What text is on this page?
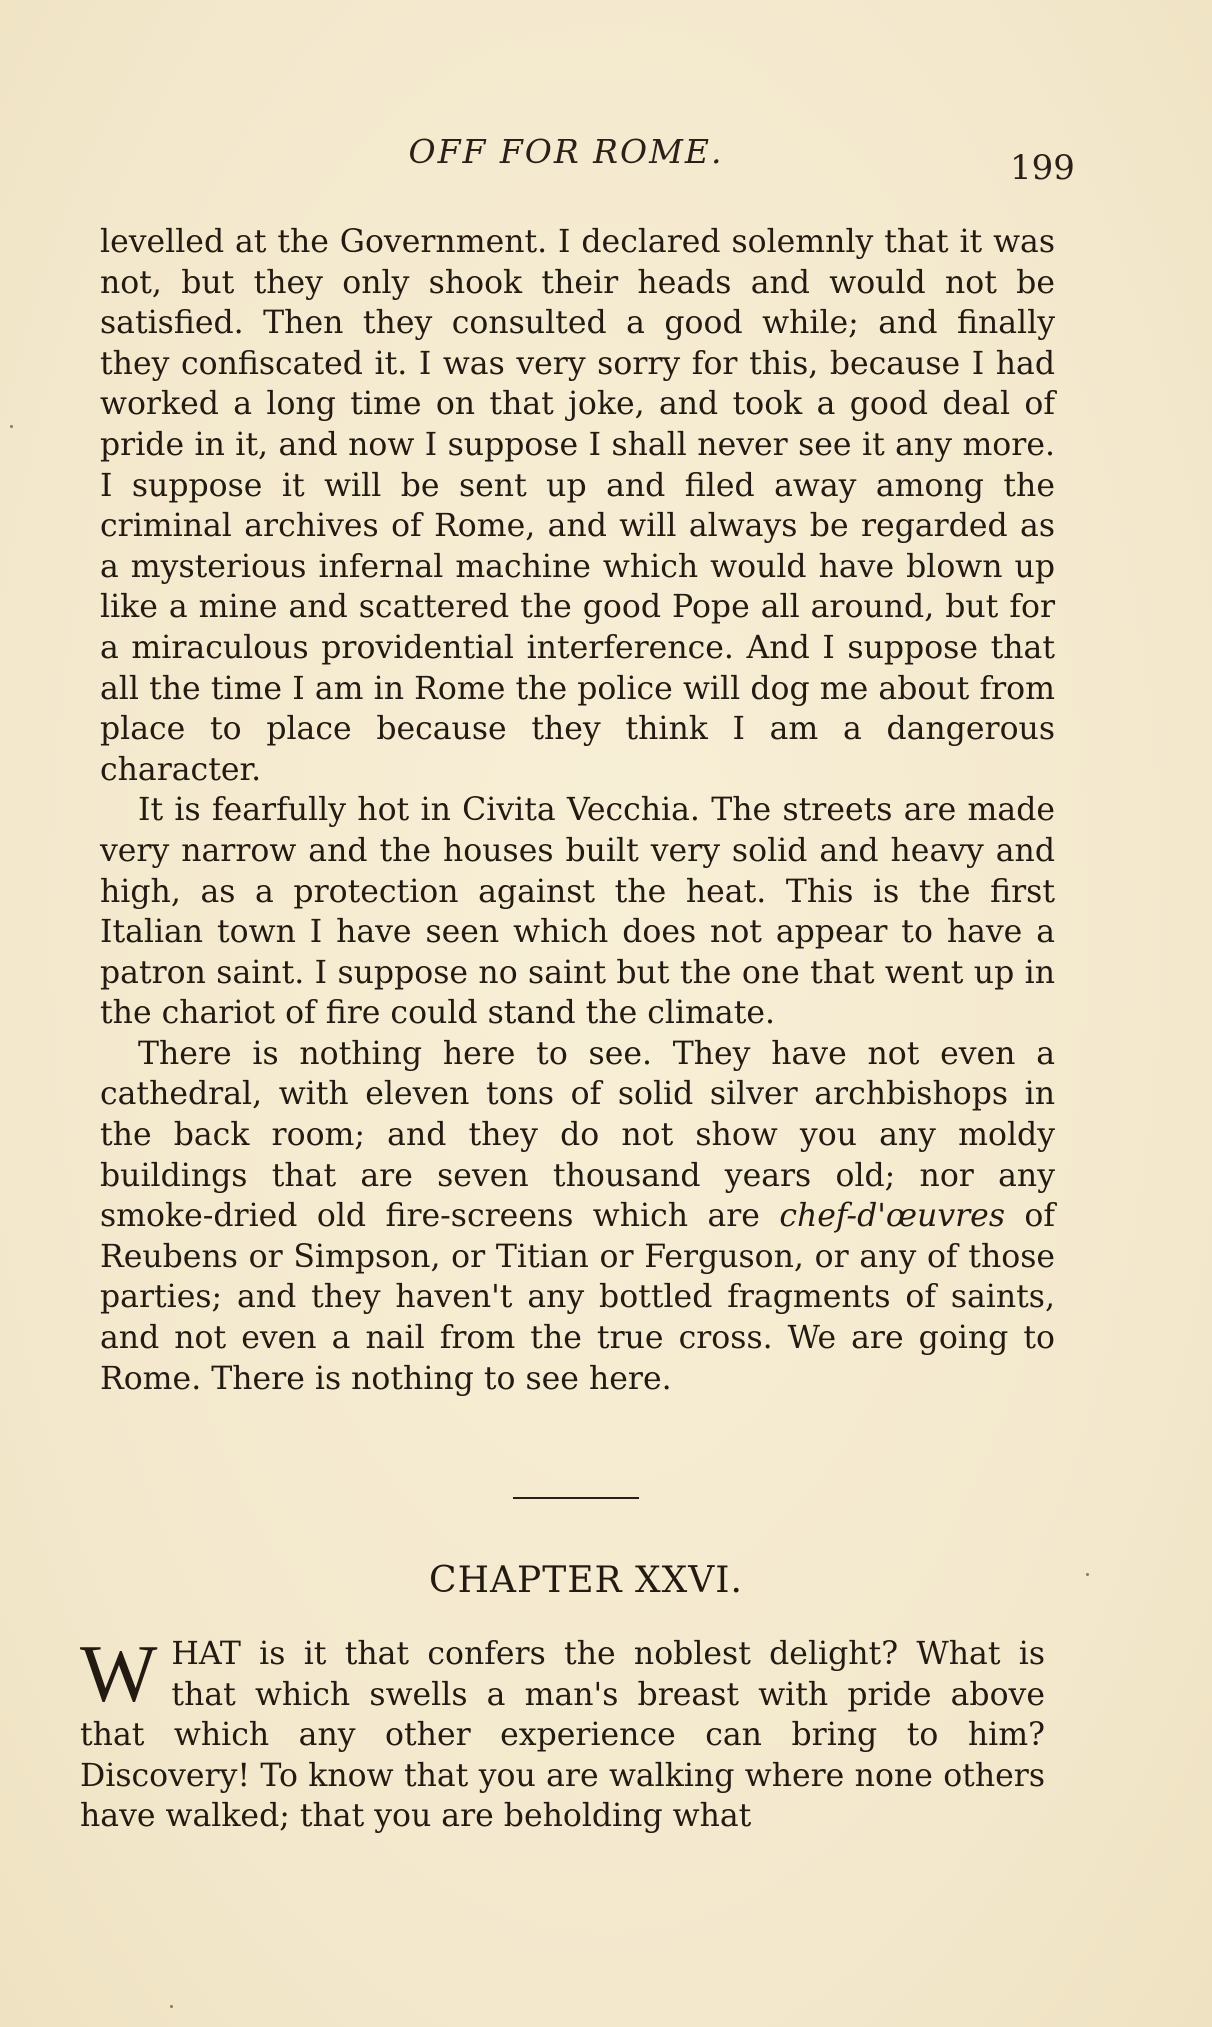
OFF FOR ROME.	199

levelled at the Government. I declared solemnly that it was not, but they only shook their heads and would not be satisfied. Then they consulted a good while; and finally they confiscated it. I was very sorry for this, because I had worked a long time on that joke, and took a good deal of pride in it, and now I suppose I shall never see it any more. I suppose it will be sent up and filed away among the criminal archives of Rome, and will always be regarded as a mysterious infernal machine which would have blown up like a mine and scattered the good Pope all around, but for a miraculous providential interference. And I suppose that all the time I am in Rome the police will dog me about from place to place because they think I am a dangerous character.

It is fearfully hot in Civita Vecchia. The streets are made very narrow and the houses built very solid and heavy and high, as a protection against the heat. This is the first Italian town I have seen which does not appear to have a patron saint. I suppose no saint but the one that went up in the chariot of fire could stand the climate.

There is nothing here to see. They have not even a cathedral, with eleven tons of solid silver archbishops in the back room; and they do not show you any moldy buildings that are seven thousand years old; nor any smoke-dried old fire-screens which are chef-d'œuvres of Reubens or Simpson, or Titian or Ferguson, or any of those parties; and they haven't any bottled fragments of saints, and not even a nail from the true cross. We are going to Rome. There is nothing to see here.

CHAPTER XXVI.
W HAT is it that confers the noblest delight? What is that which swells a man's breast with pride above that which any other experience can bring to him? Discovery! To know that you are walking where none others have walked; that you are beholding what
